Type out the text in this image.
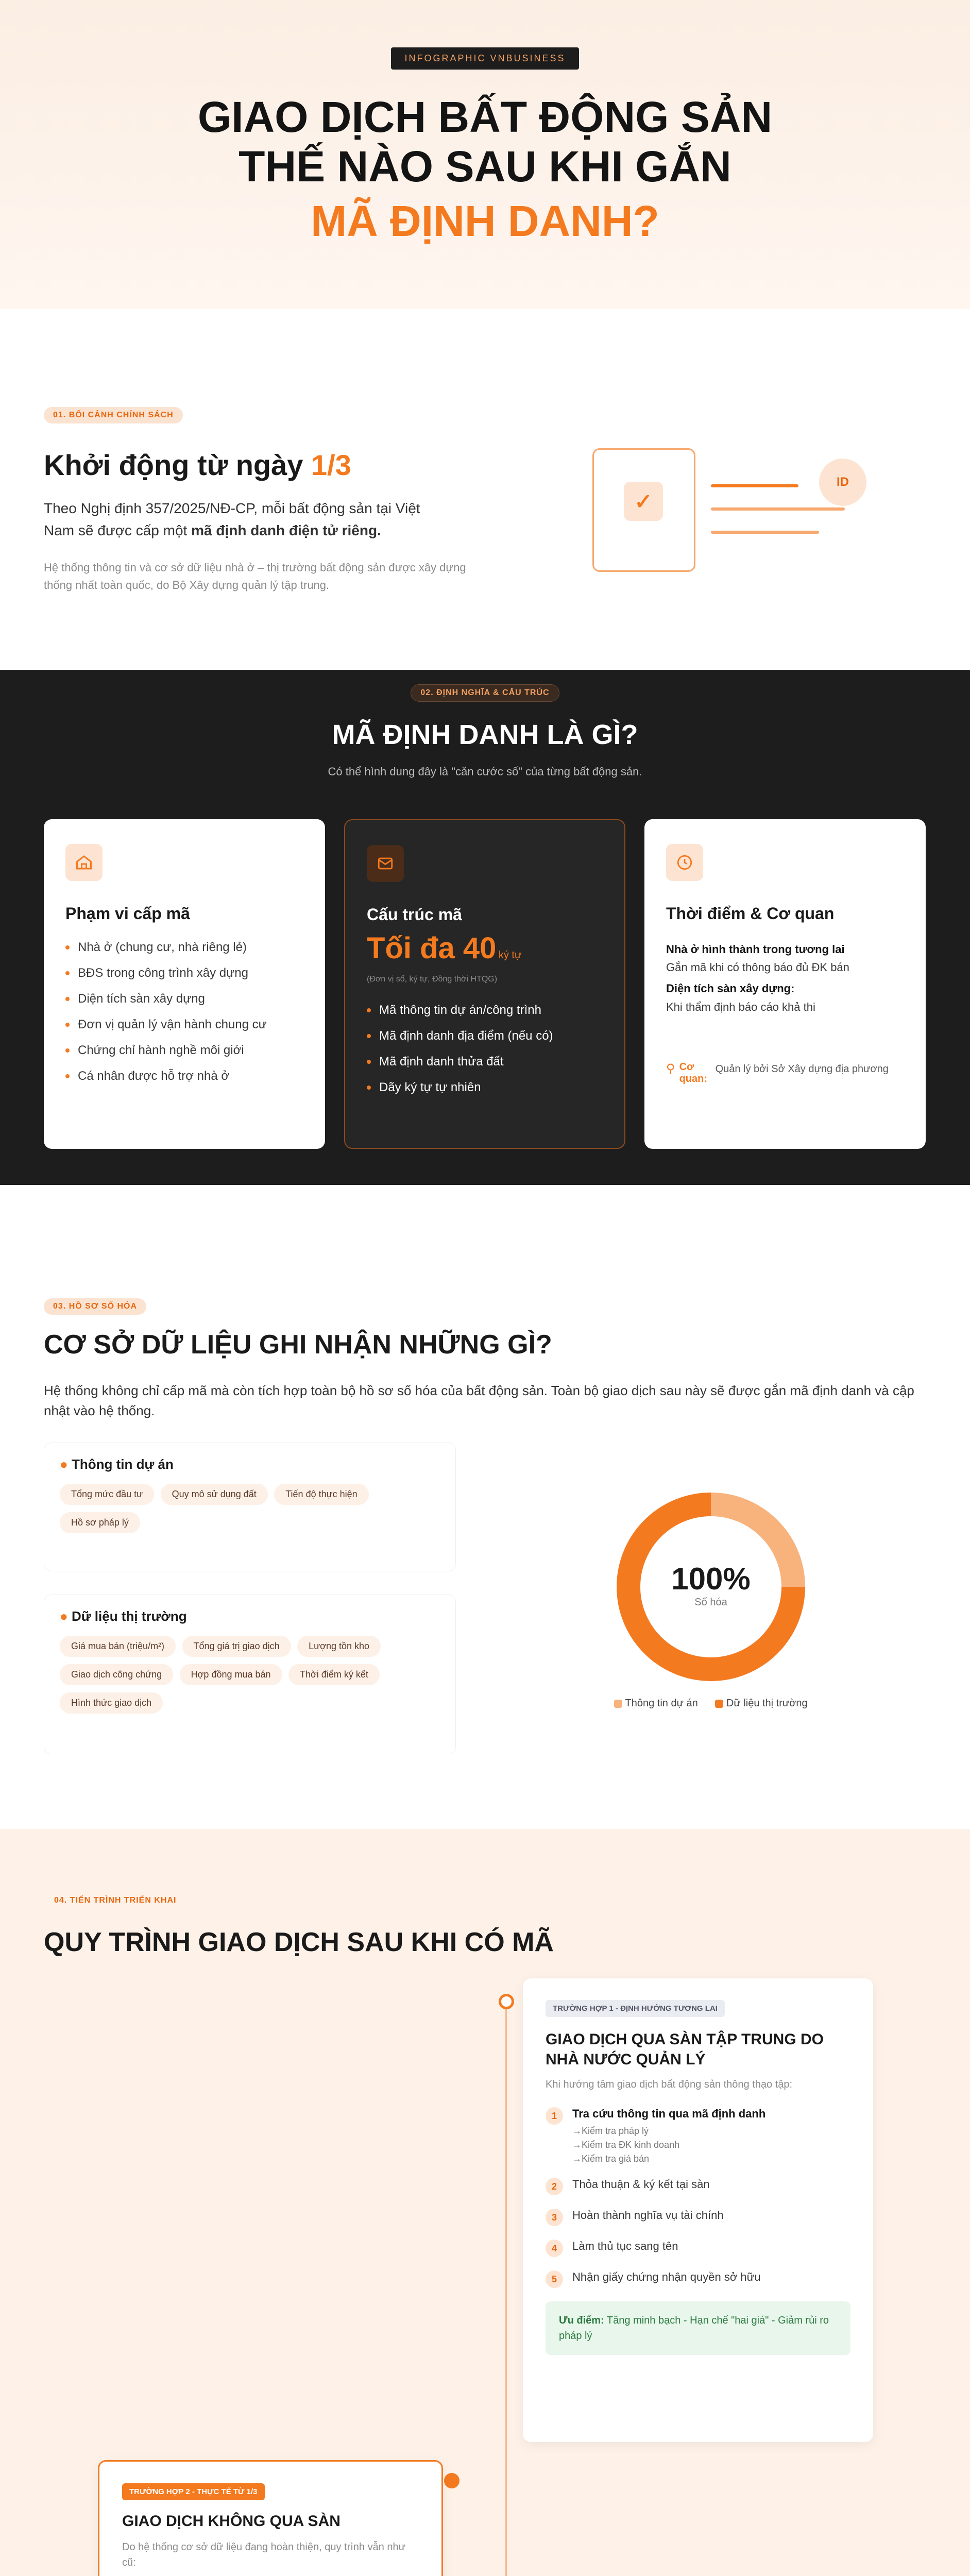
INFOGRAPHIC VNBUSINESS
GIAO DỊCH BẤT ĐỘNG SẢN
THẾ NÀO SAU KHI GẮN
MÃ ĐỊNH DANH?
01. BỐI CẢNH CHÍNH SÁCH
Khởi động từ ngày 1/3
Theo Nghị định 357/2025/NĐ-CP, mỗi bất động sản tại Việt Nam sẽ được cấp một mã định danh điện tử riêng.
Hệ thống thông tin và cơ sở dữ liệu nhà ở – thị trường bất động sản được xây dựng thống nhất toàn quốc, do Bộ Xây dựng quản lý tập trung.
✓
ID
02. ĐỊNH NGHĨA & CẤU TRÚC
MÃ ĐỊNH DANH LÀ GÌ?
Có thể hình dung đây là "căn cước số" của từng bất động sản.
Phạm vi cấp mã
Nhà ở (chung cư, nhà riêng lẻ)
BĐS trong công trình xây dựng
Diện tích sàn xây dựng
Đơn vị quản lý vận hành chung cư
Chứng chỉ hành nghề môi giới
Cá nhân được hỗ trợ nhà ở
Cấu trúc mã
Tối đa 40 ký tự
(Đơn vị số, ký tự, Đồng thời HTQG)
Mã thông tin dự án/công trình
Mã định danh địa điểm (nếu có)
Mã định danh thửa đất
Dãy ký tự tự nhiên
Thời điểm & Cơ quan
Nhà ở hình thành trong tương lai
Gắn mã khi có thông báo đủ ĐK bán
Diện tích sàn xây dựng:
Khi thẩm định báo cáo khả thi
⚲ Cơ quan:
Quản lý bởi Sở Xây dựng địa phương
03. HỒ SƠ SỐ HÓA
CƠ SỞ DỮ LIỆU GHI NHẬN NHỮNG GÌ?
Hệ thống không chỉ cấp mã mà còn tích hợp toàn bộ hồ sơ số hóa của bất động sản. Toàn bộ giao dịch sau này sẽ được gắn mã định danh và cập nhật vào hệ thống.
● Thông tin dự án
Tổng mức đầu tư	Quy mô sử dụng đất	Tiến độ thực hiện Hồ sơ pháp lý
● Dữ liệu thị trường
Giá mua bán (triệu/m²)	Tổng giá trị giao dịch	Lượng tồn kho Giao dịch công chứng	Hợp đồng mua bán	Thời điểm ký kết Hình thức giao dịch
100%
Số hóa
Thông tin dự án	Dữ liệu thị trường
04. TIẾN TRÌNH TRIỂN KHAI
QUY TRÌNH GIAO DỊCH SAU KHI CÓ MÃ
TRƯỜNG HỢP 1 - ĐỊNH HƯỚNG TƯƠNG LAI
GIAO DỊCH QUA SÀN TẬP TRUNG DO NHÀ NƯỚC QUẢN LÝ
Khi hướng tâm giao dịch bất động sản thông thạo tập:
1	Tra cứu thông tin qua mã định danh
→Kiểm tra pháp lý
→Kiểm tra ĐK kinh doanh
→Kiểm tra giá bán
2	Thỏa thuận & ký kết tại sàn
3	Hoàn thành nghĩa vụ tài chính
4	Làm thủ tục sang tên
5	Nhận giấy chứng nhận quyền sở hữu
Ưu điểm: Tăng minh bạch - Hạn chế "hai giá" - Giảm rủi ro pháp lý
TRƯỜNG HỢP 2 - THỰC TẾ TỪ 1/3
GIAO DỊCH KHÔNG QUA SÀN
Do hệ thống cơ sở dữ liệu đang hoàn thiện, quy trình vẫn như cũ:
